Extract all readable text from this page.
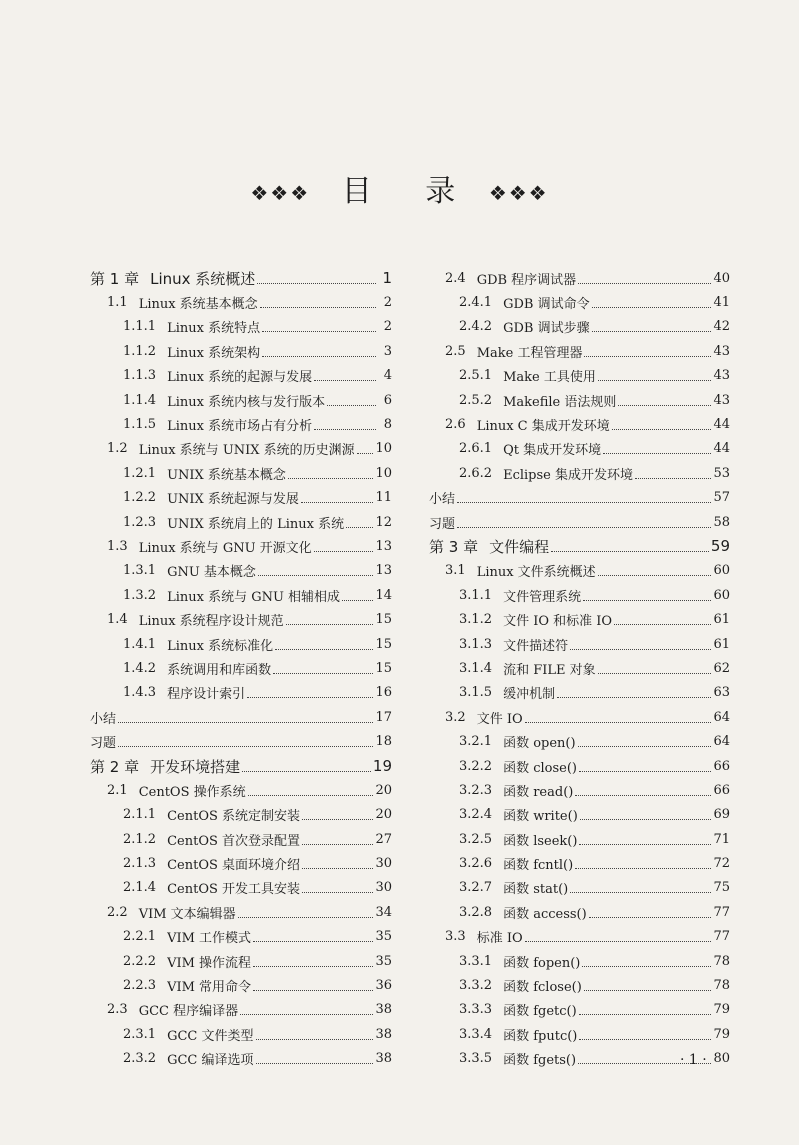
❖❖❖ 目 录 ❖❖❖
第 1 章 Linux 系统概述	1
1.1 Linux 系统基本概念	2
1.1.1 Linux 系统特点	2
1.1.2 Linux 系统架构	3
1.1.3 Linux 系统的起源与发展	4
1.1.4 Linux 系统内核与发行版本	6
1.1.5 Linux 系统市场占有分析	8
1.2 Linux 系统与 UNIX 系统的历史渊源 10
1.2.1 UNIX 系统基本概念	10
1.2.2 UNIX 系统起源与发展	11
1.2.3 UNIX 系统肩上的 Linux 系统 12
1.3 Linux 系统与 GNU 开源文化	13
1.3.1 GNU 基本概念	13
1.3.2 Linux 系统与 GNU 相辅相成	14
1.4 Linux 系统程序设计规范	15
1.4.1 Linux 系统标准化	15
1.4.2 系统调用和库函数	15
1.4.3 程序设计索引	16
小结	17
习题	18
第 2 章 开发环境搭建	19
2.1 CentOS 操作系统	20
2.1.1 CentOS 系统定制安装	20
2.1.2 CentOS 首次登录配置	27
2.1.3 CentOS 桌面环境介绍	30
2.1.4 CentOS 开发工具安装	30
2.2 VIM 文本编辑器	34
2.2.1 VIM 工作模式	35
2.2.2 VIM 操作流程	35
2.2.3 VIM 常用命令	36
2.3 GCC 程序编译器	38
2.3.1 GCC 文件类型	38
2.3.2 GCC 编译选项	38
2.4 GDB 程序调试器	40
2.4.1 GDB 调试命令	41
2.4.2 GDB 调试步骤	42
2.5 Make 工程管理器	43
2.5.1 Make 工具使用	43
2.5.2 Makefile 语法规则	43
2.6 Linux C 集成开发环境	44
2.6.1 Qt 集成开发环境	44
2.6.2 Eclipse 集成开发环境	53
小结	57
习题	58
第 3 章 文件编程	59
3.1 Linux 文件系统概述	60
3.1.1 文件管理系统	60
3.1.2 文件 IO 和标准 IO	61
3.1.3 文件描述符	61
3.1.4 流和 FILE 对象	62
3.1.5 缓冲机制	63
3.2 文件 IO	64
3.2.1 函数 open()	64
3.2.2 函数 close()	66
3.2.3 函数 read()	66
3.2.4 函数 write()	69
3.2.5 函数 lseek()	71
3.2.6 函数 fcntl()	72
3.2.7 函数 stat()	75
3.2.8 函数 access()	77
3.3 标准 IO	77
3.3.1 函数 fopen()	78
3.3.2 函数 fclose()	78
3.3.3 函数 fgetc()	79
3.3.4 函数 fputc()	79
3.3.5 函数 fgets()	80
· 1 ·
